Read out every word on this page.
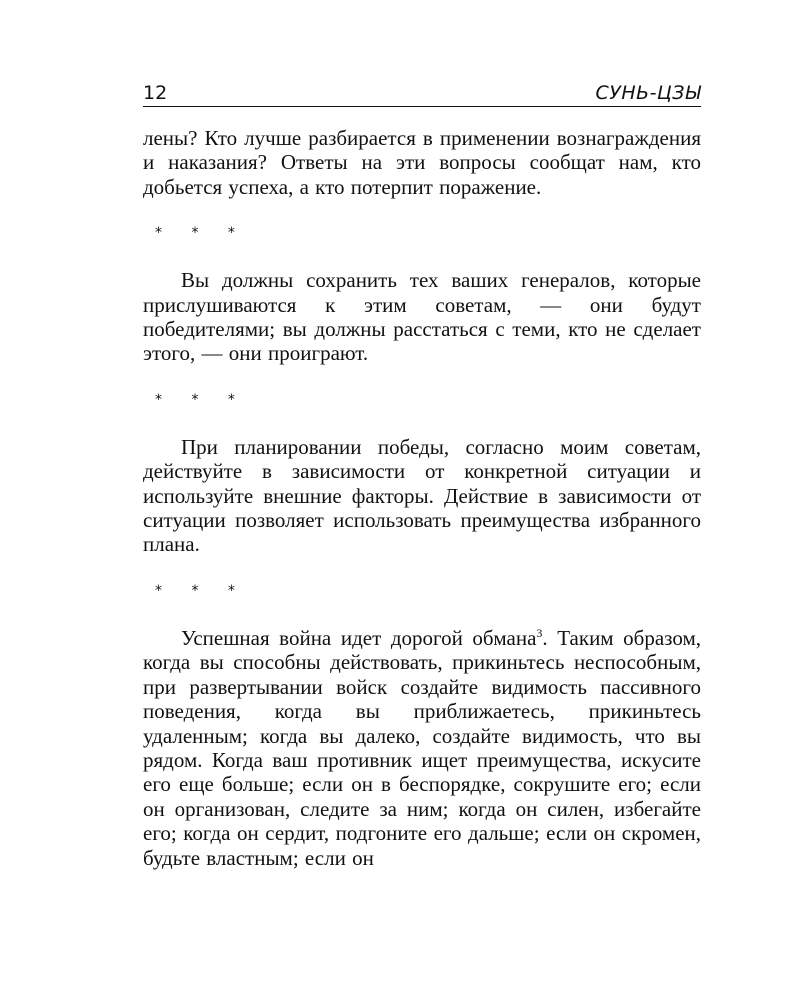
12	СУНЬ-ЦЗЫ

лены? Кто лучше разбирается в применении вознаграждения и наказания? Ответы на эти вопросы сообщат нам, кто добьется успеха, а кто потерпит поражение.

* * *

Вы должны сохранить тех ваших генералов, которые прислушиваются к этим советам, — они будут победителями; вы должны расстаться с теми, кто не сделает этого, — они проиграют.

* * *

При планировании победы, согласно моим советам, действуйте в зависимости от конкретной ситуации и используйте внешние факторы. Действие в зависимости от ситуации позволяет использовать преимущества избранного плана.

* * *

Успешная война идет дорогой обмана$^3$. Таким образом, когда вы способны действовать, прикиньтесь неспособным, при развертывании войск создайте видимость пассивного поведения, когда вы приближаетесь, прикиньтесь удаленным; когда вы далеко, создайте видимость, что вы рядом. Когда ваш противник ищет преимущества, искусите его еще больше; если он в беспорядке, сокрушите его; если он организован, следите за ним; когда он силен, избегайте его; когда он сердит, подгоните его дальше; если он скромен, будьте властным; если он
